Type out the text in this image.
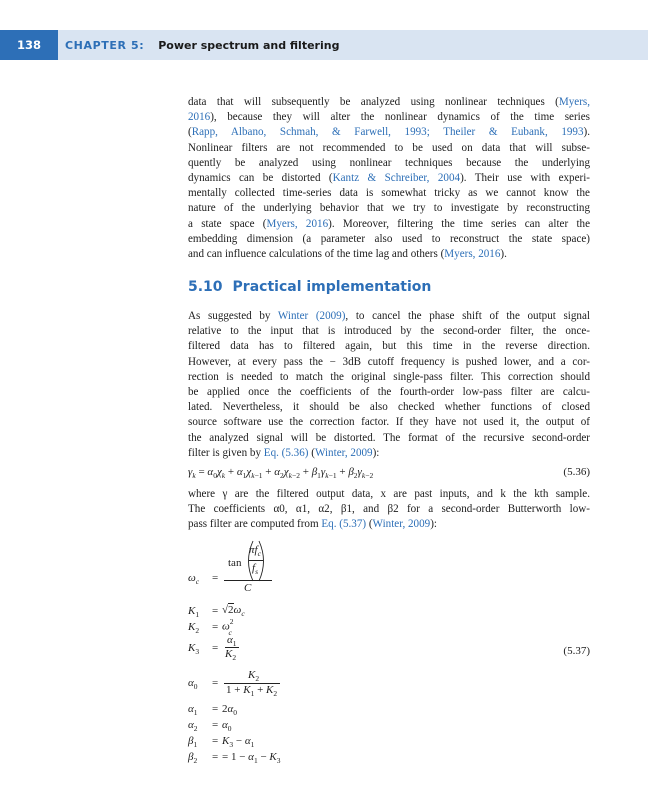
138	CHAPTER 5: Power spectrum and filtering
data that will subsequently be analyzed using nonlinear techniques (Myers,
2016), because they will alter the nonlinear dynamics of the time series
(Rapp, Albano, Schmah, & Farwell, 1993; Theiler & Eubank, 1993).
Nonlinear filters are not recommended to be used on data that will subse-
quently be analyzed using nonlinear techniques because the underlying
dynamics can be distorted (Kantz & Schreiber, 2004). Their use with experi-
mentally collected time-series data is somewhat tricky as we cannot know the
nature of the underlying behavior that we try to investigate by reconstructing
a state space (Myers, 2016). Moreover, filtering the time series can alter the
embedding dimension (a parameter also used to reconstruct the state space)
and can influence calculations of the time lag and others (Myers, 2016).
5.10 Practical implementation
As suggested by Winter (2009), to cancel the phase shift of the output signal
relative to the input that is introduced by the second-order filter, the once-
filtered data has to filtered again, but this time in the reverse direction.
However, at every pass the − 3dB cutoff frequency is pushed lower, and a cor-
rection is needed to match the original single-pass filter. This correction should
be applied once the coefficients of the fourth-order low-pass filter are calcu-
lated. Nevertheless, it should be also checked whether functions of closed
source software use the correction factor. If they have not used it, the output of
the analyzed signal will be distorted. The format of the recursive second-order
filter is given by Eq. (5.36) (Winter, 2009):
$\gamma_k = \alpha_0\chi_k + \alpha_1\chi_{k-1} + \alpha_2\chi_{k-2} + \beta_1\gamma_{k-1} + \beta_2\gamma_{k-2}$	(5.36)
where γ are the filtered output data, x are past inputs, and k the kth sample.
The coefficients α0, α1, α2, β1, and β2 for a second-order Butterworth low-
pass filter are computed from Eq. (5.37) (Winter, 2009):
$\omega_c$ =
tan
$\pi f_c$
$f_s$
C
$K_1 = √2\omega_c$
$K_2 = \omega^2_c$
$K_3$ =
$\alpha_1$
$K_2$
(5.37)
$\alpha_0$ =
$K_2$
$1 + K_1 + K_2$
$\alpha_1 = 2\alpha_0$
$\alpha_2 = \alpha_0$
$\beta_1 = K_3 - \alpha_1$
$\beta_2$ = = $1 - \alpha_1 - K_3$
